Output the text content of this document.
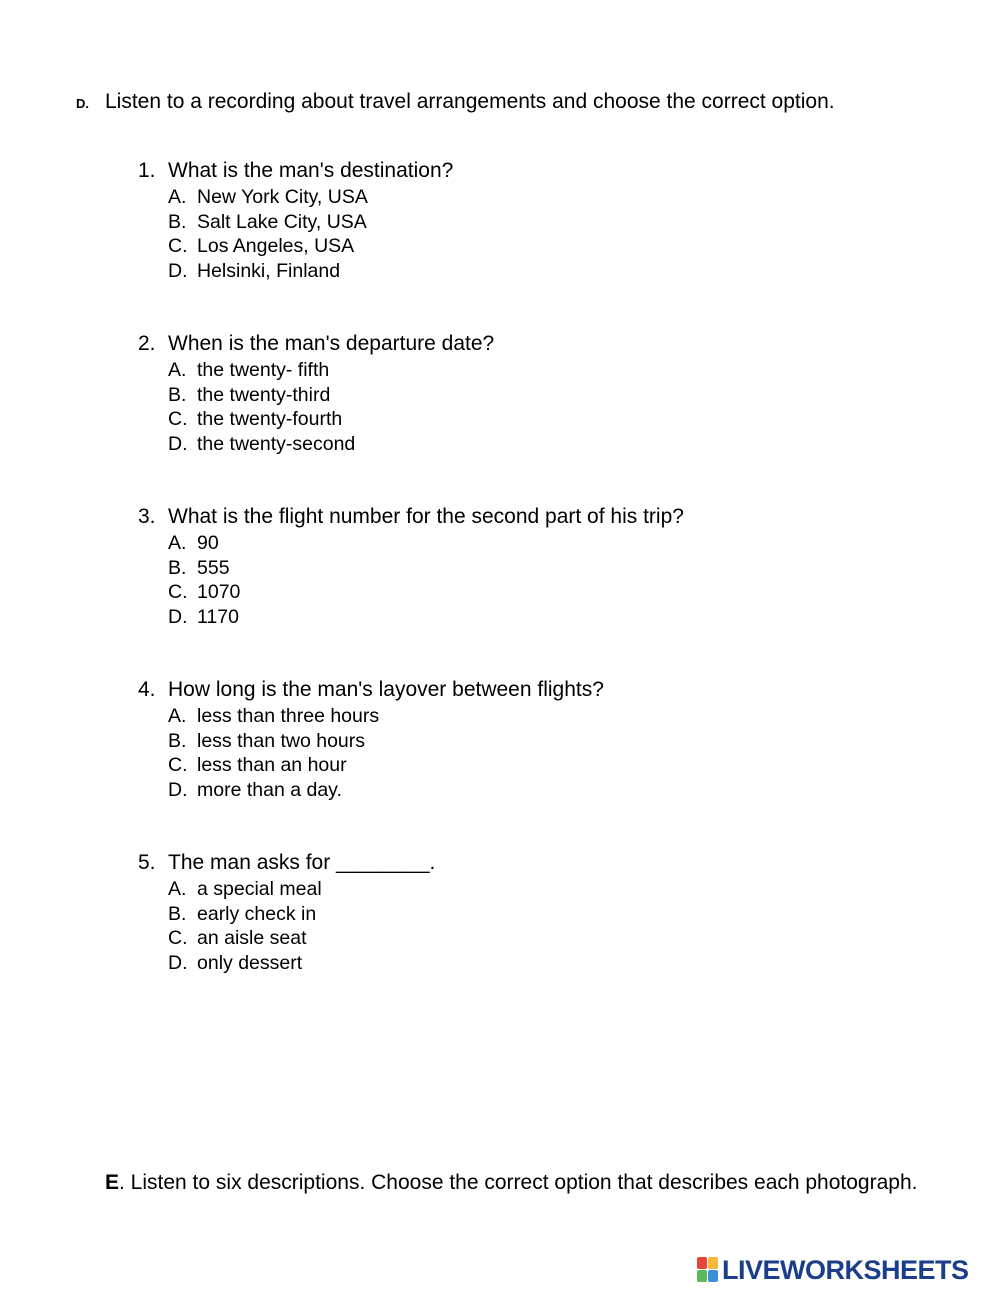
D. Listen to a recording about travel arrangements and choose the correct option.
1. What is the man's destination?
A. New York City, USA
B. Salt Lake City, USA
C. Los Angeles, USA
D. Helsinki, Finland
2. When is the man's departure date?
A. the twenty- fifth
B. the twenty-third
C. the twenty-fourth
D. the twenty-second
3. What is the flight number for the second part of his trip?
A. 90
B. 555
C. 1070
D. 1170
4. How long is the man's layover between flights?
A. less than three hours
B. less than two hours
C. less than an hour
D. more than a day.
5. The man asks for ________.
A. a special meal
B. early check in
C. an aisle seat
D. only dessert
E. Listen to six descriptions. Choose the correct option that describes each photograph.
LIVEWORKSHEETS
